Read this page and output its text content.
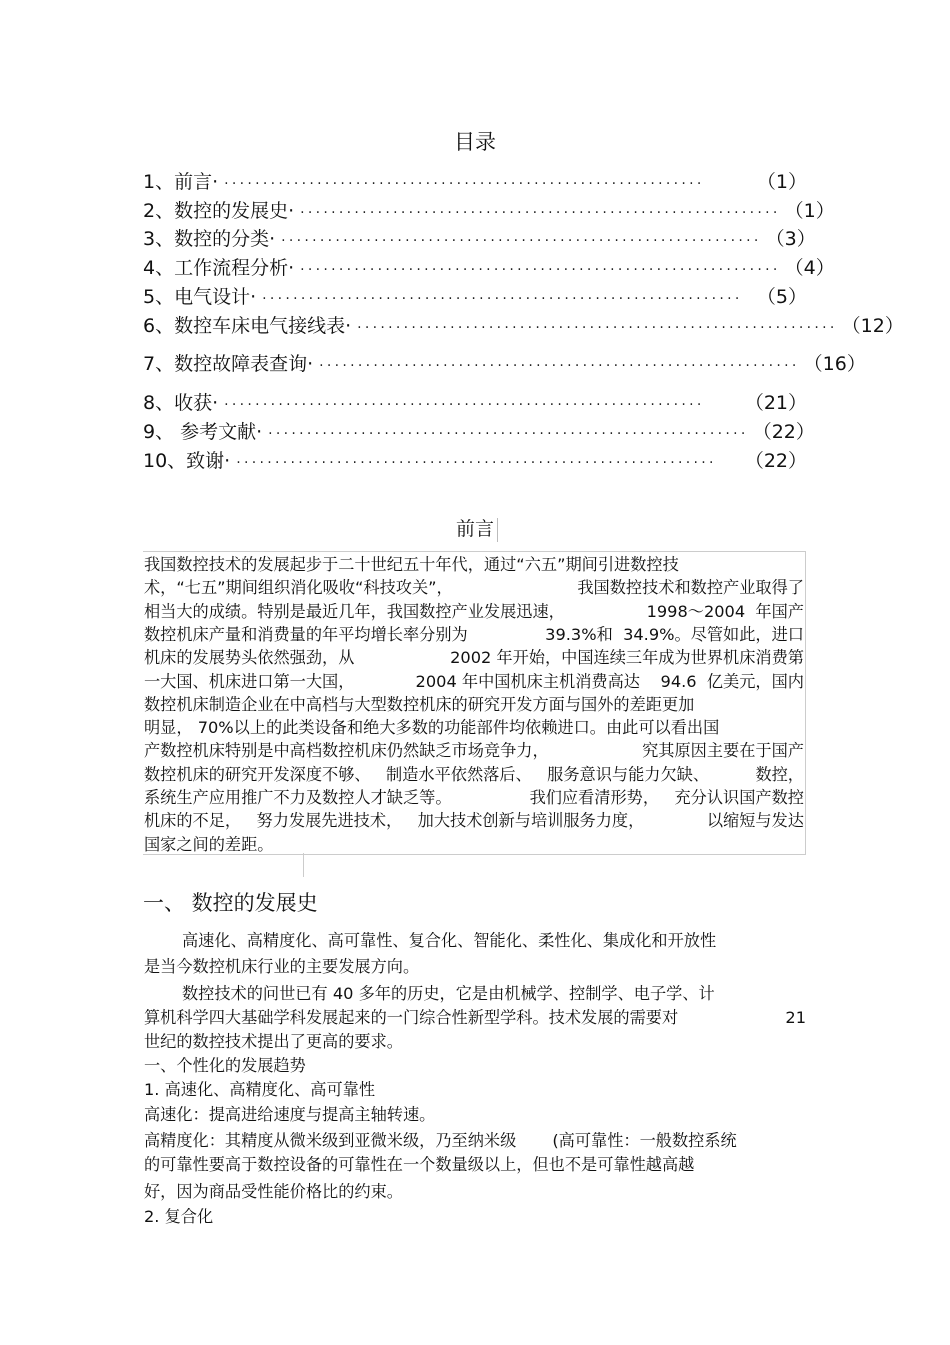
目录
1、前言· ······························································	（1）
2、数控的发展史· ······························································ （1）
3、数控的分类· ······························································ （3）
4、工作流程分析· ······························································ （4）
5、电气设计· ······························································ （5）
6、数控车床电气接线表· ······························································ （12）
7、数控故障表查询· ······························································ （16）
8、收获· ······························································	（21）
9、 参考文献· ······························································ （22）
10、致谢· ······························································	（22）
前言
我国数控技术的发展起步于二十世纪五十年代，通过“六五”期间引进数控技
术，“七五”期间组织消化吸收“科技攻关”，	我国数控技术和数控产业取得了
相当大的成绩。特别是最近几年，我国数控产业发展迅速，	1998～2004  年国产
数控机床产量和消费量的年平均增长率分别为	39.3%和  34.9%。尽管如此，进口
机床的发展势头依然强劲，从	2002 年开始，中国连续三年成为世界机床消费第
一大国、机床进口第一大国，	2004 年中国机床主机消费高达    94.6  亿美元，国内
数控机床制造企业在中高档与大型数控机床的研究开发方面与国外的差距更加
明显， 70%以上的此类设备和绝大多数的功能部件均依赖进口。由此可以看出国
产数控机床特别是中高档数控机床仍然缺乏市场竞争力，	究其原因主要在于国产
数控机床的研究开发深度不够、   制造水平依然落后、   服务意识与能力欠缺、	数控，
系统生产应用推广不力及数控人才缺乏等。	我们应看清形势，   充分认识国产数控
机床的不足，   努力发展先进技术，   加大技术创新与培训服务力度，	以缩短与发达
国家之间的差距。
一、 数控的发展史
高速化、高精度化、高可靠性、复合化、智能化、柔性化、集成化和开放性
是当今数控机床行业的主要发展方向。
数控技术的问世已有 40 多年的历史，它是由机械学、控制学、电子学、计
算机科学四大基础学科发展起来的一门综合性新型学科。技术发展的需要对	21
世纪的数控技术提出了更高的要求。
一、个性化的发展趋势
1. 高速化、高精度化、高可靠性
高速化：提高进给速度与提高主轴转速。
高精度化：其精度从微米级到亚微米级，乃至纳米级 (高可靠性：一般数控系统
的可靠性要高于数控设备的可靠性在一个数量级以上，但也不是可靠性越高越
好，因为商品受性能价格比的约束。
2. 复合化
